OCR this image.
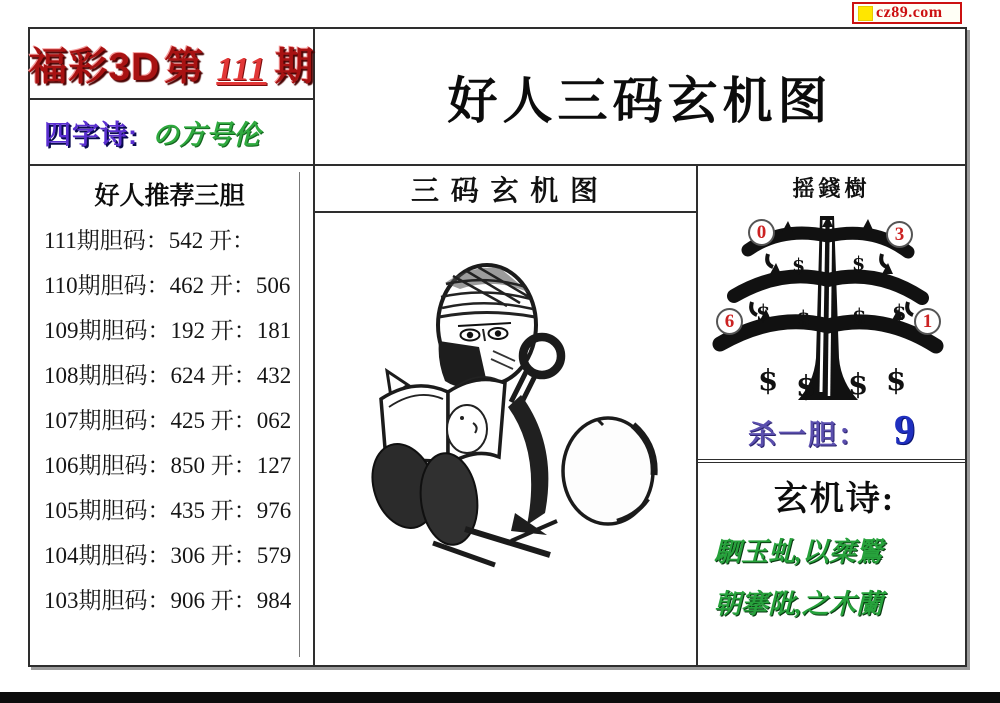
cz89.com
福彩3D 第 111 期
四字诗: の方号伦
好人推荐三胆
111期胆码：542 开：
110期胆码：462 开：506
109期胆码：192 开：181
108期胆码：624 开：432
107期胆码：425 开：062
106期胆码：850 开：127
105期胆码：435 开：976
104期胆码：306 开：579
103期胆码：906 开：984
好人三码玄机图
三 码 玄 机 图	摇錢樹
$ $
$ $ $ $
$ $ $ $
0	3
6	1
杀一胆： 9
玄机诗:
駟玉虬,以椉鷖
朝搴阰,之木蘭
